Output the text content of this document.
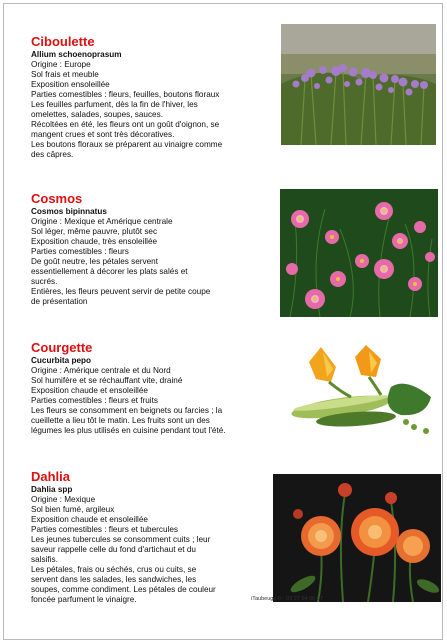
Ciboulette
Allium schoenoprasum
Origine : Europe
Sol frais et meuble
Exposition ensoleillée
Parties comestibles : fleurs, feuilles, boutons floraux
Les feuilles parfument, dès la fin de l'hiver, les
omelettes, salades, soupes, sauces.
Récoltées en été, les fleurs ont un goût d'oignon, se
mangent crues et sont très décoratives.
Les boutons floraux se préparent au vinaigre comme
des câpres.
Cosmos
Cosmos bipinnatus
Origine : Mexique et Amérique centrale
Sol léger, même pauvre, plutôt sec
Exposition chaude, très ensoleillée
Parties comestibles : fleurs
De goût neutre, les pétales servent
essentiellement à décorer les plats salés et
sucrés.
Entières, les fleurs peuvent servir de petite coupe
de présentation
Courgette
Cucurbita pepo
Origine : Amérique centrale et du Nord
Sol humifère et se réchauffant vite, drainé
Exposition chaude et ensoleillée
Parties comestibles : fleurs et fruits
Les fleurs se consomment en beignets ou farcies ; la
cueillette a lieu tôt le matin. Les fruits sont un des
légumes les plus utilisés en cuisine pendant tout l'été.
Dahlia
Dahlia spp
Origine : Mexique
Sol bien fumé, argileux
Exposition chaude et ensoleillée
Parties comestibles : fleurs et tubercules
Les jeunes tubercules se consomment cuits ; leur
saveur rappelle celle du fond d'artichaut et du
salsifis.
Les pétales, frais ou séchés, crus ou cuits, se
servent dans les salades, les sandwiches, les
soupes, comme condiment. Les pétales de couleur
foncée parfument le vinaigre.	iTaubeuge.fr · 03 27 64 66 67
